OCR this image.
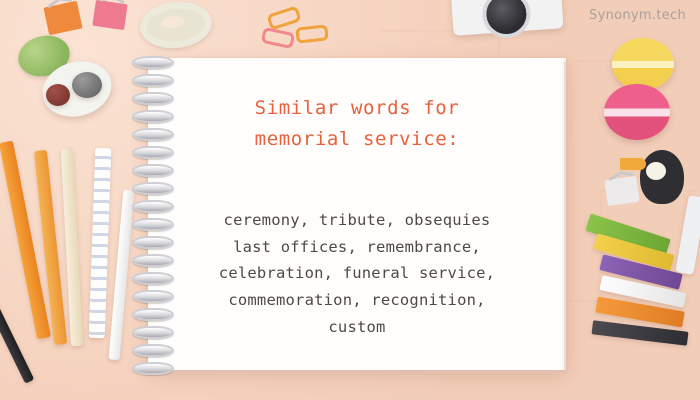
Similar words for
memorial service:
ceremony, tribute, obsequies
last offices, remembrance,
celebration, funeral service,
commemoration, recognition,
custom
Synonym.tech
